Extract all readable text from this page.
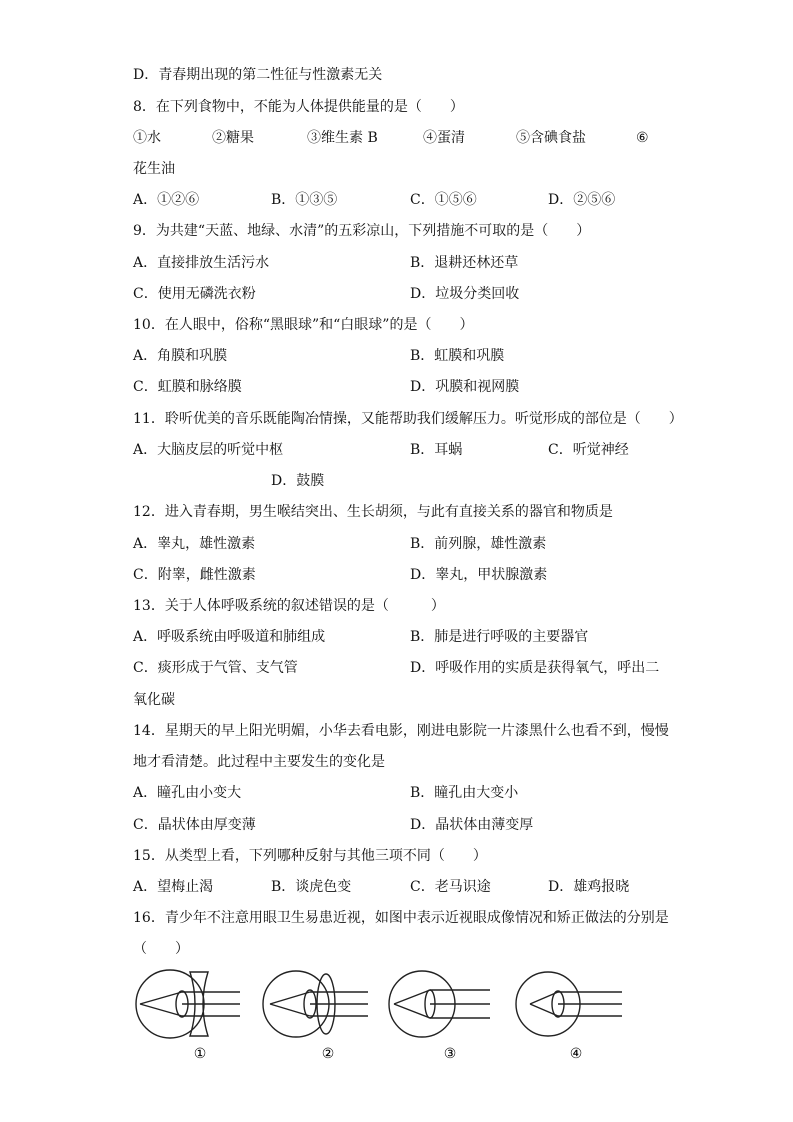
D．青春期出现的第二性征与性激素无关
8．在下列食物中，不能为人体提供能量的是（　　）
①水	②糖果	③维生素 B	④蛋清	⑤含碘食盐	⑥
花生油
A．①②⑥	B．①③⑤	C．①⑤⑥	D．②⑤⑥
9．为共建“天蓝、地绿、水清”的五彩凉山，下列措施不可取的是（　　）
A．直接排放生活污水	B．退耕还林还草
C．使用无磷洗衣粉	D．垃圾分类回收
10．在人眼中，俗称“黑眼球”和“白眼球”的是（　　）
A．角膜和巩膜	B．虹膜和巩膜
C．虹膜和脉络膜	D．巩膜和视网膜
11．聆听优美的音乐既能陶冶情操，又能帮助我们缓解压力。听觉形成的部位是（　　）
A．大脑皮层的听觉中枢	B．耳蜗	C．听觉神经
D．鼓膜
12．进入青春期，男生喉结突出、生长胡须，与此有直接关系的器官和物质是
A．睾丸，雄性激素	B．前列腺，雄性激素
C．附睾，雌性激素	D．睾丸，甲状腺激素
13．关于人体呼吸系统的叙述错误的是（　　　）
A．呼吸系统由呼吸道和肺组成	B．肺是进行呼吸的主要器官
C．痰形成于气管、支气管	D．呼吸作用的实质是获得氧气，呼出二
氧化碳
14．星期天的早上阳光明媚，小华去看电影，刚进电影院一片漆黑什么也看不到，慢慢
地才看清楚。此过程中主要发生的变化是
A．瞳孔由小变大	B．瞳孔由大变小
C．晶状体由厚变薄	D．晶状体由薄变厚
15．从类型上看，下列哪种反射与其他三项不同（　　）
A．望梅止渴	B．谈虎色变	C．老马识途	D．雄鸡报晓
16．青少年不注意用眼卫生易患近视，如图中表示近视眼成像情况和矫正做法的分别是
（　　）
①	②	③	④
